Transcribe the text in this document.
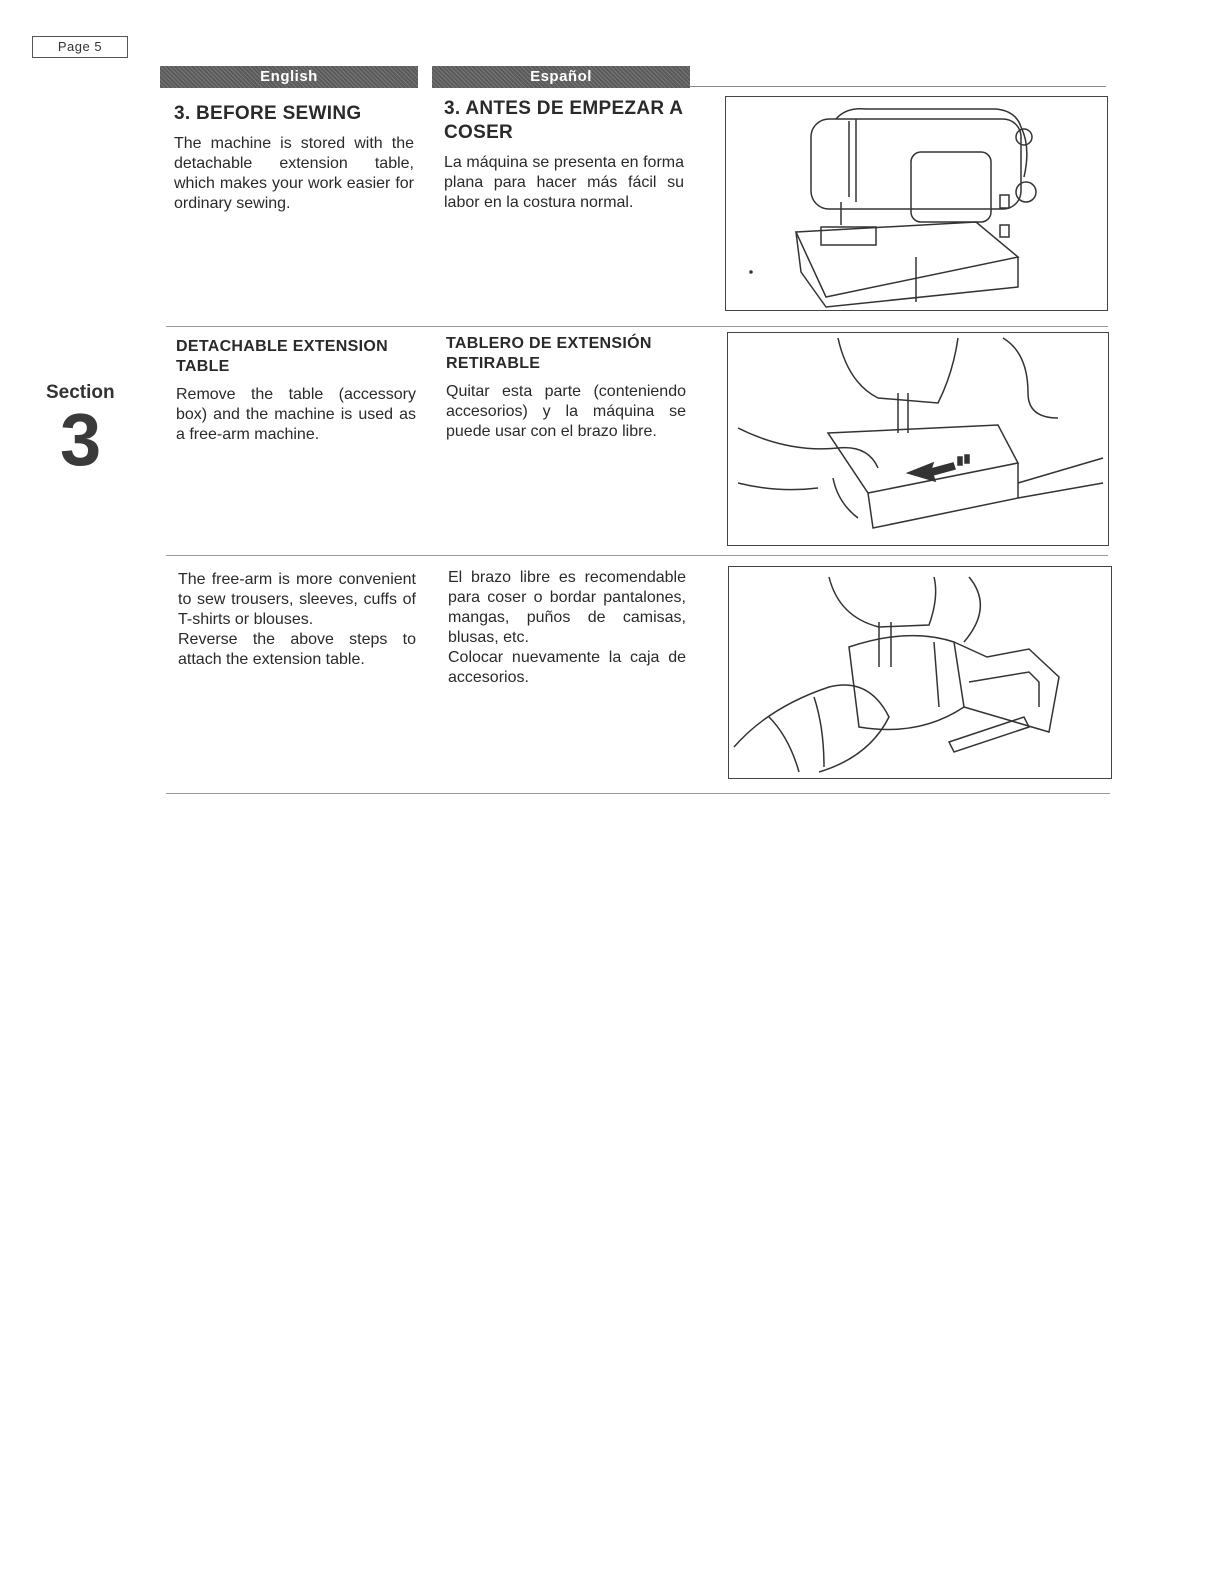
Page 5
English	Español
Section
3
3. BEFORE SEWING

The machine is stored with the detachable extension table, which makes your work easier for ordinary sewing.

3. ANTES DE EMPEZAR A COSER

La máquina se presenta en forma plana para hacer más fácil su labor en la costura normal.

DETACHABLE EXTENSION TABLE

Remove the table (accessory box) and the machine is used as a free-arm machine.

TABLERO DE EXTENSIÓN RETIRABLE

Quitar esta parte (conteniendo accesorios) y la máquina se puede usar con el brazo libre.

The free-arm is more convenient to sew trousers, sleeves, cuffs of T-shirts or blouses.

Reverse the above steps to attach the extension table.

El brazo libre es recomendable para coser o bordar pantalones, mangas, puños de camisas, blusas, etc.

Colocar nuevamente la caja de accesorios.
